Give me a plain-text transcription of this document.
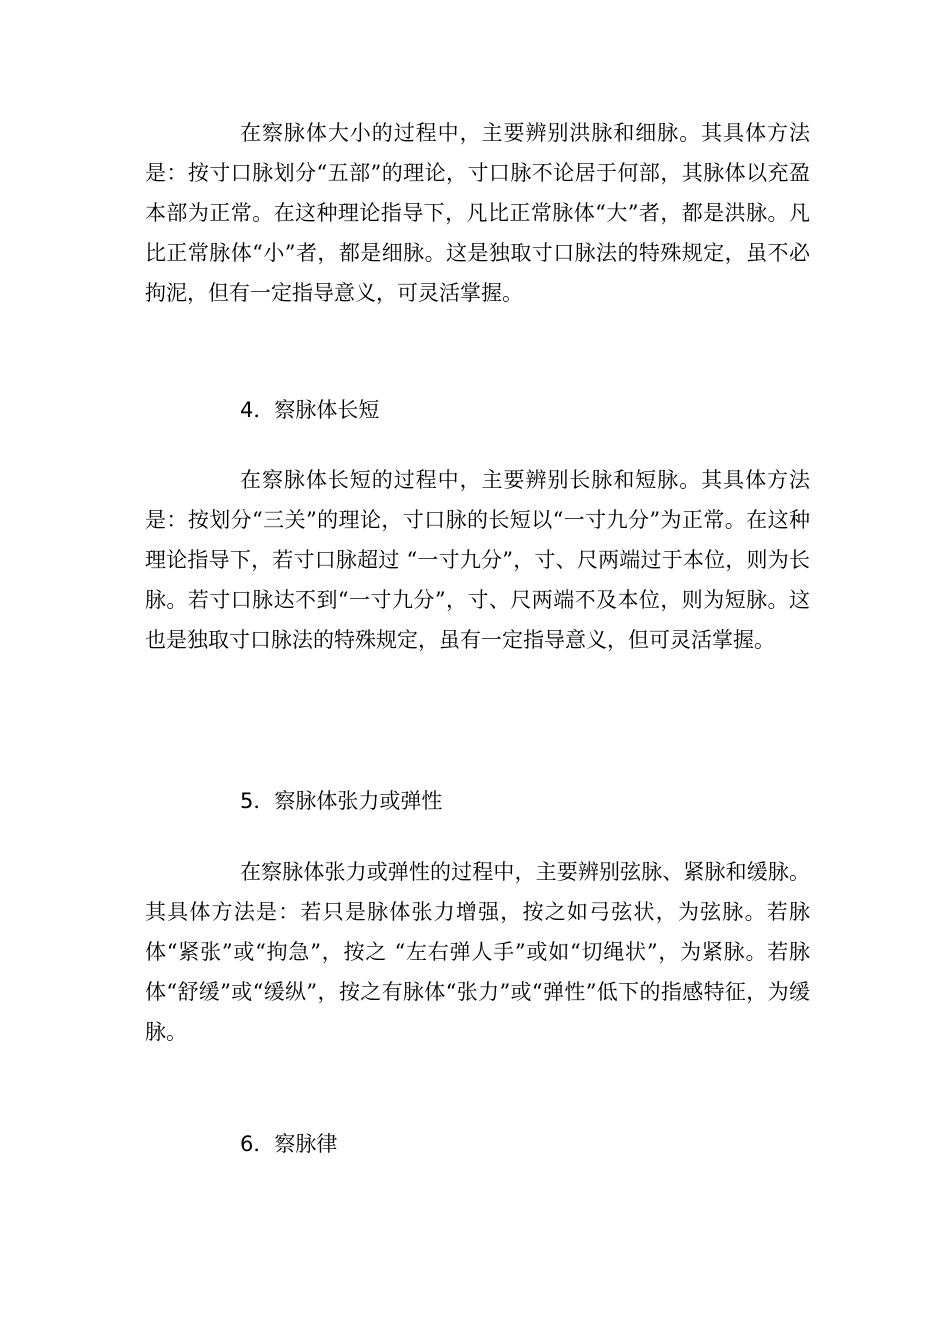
在察脉体大小的过程中，主要辨别洪脉和细脉。其具体方法是：按寸口脉划分“五部”的理论，寸口脉不论居于何部，其脉体以充盈本部为正常。在这种理论指导下，凡比正常脉体“大”者，都是洪脉。凡比正常脉体“小”者，都是细脉。这是独取寸口脉法的特殊规定，虽不必拘泥，但有一定指导意义，可灵活掌握。

4．察脉体长短

在察脉体长短的过程中，主要辨别长脉和短脉。其具体方法是：按划分“三关”的理论，寸口脉的长短以“一寸九分”为正常。在这种理论指导下，若寸口脉超过 “一寸九分”，寸、尺两端过于本位，则为长脉。若寸口脉达不到“一寸九分”，寸、尺两端不及本位，则为短脉。这也是独取寸口脉法的特殊规定，虽有一定指导意义，但可灵活掌握。

5．察脉体张力或弹性

在察脉体张力或弹性的过程中，主要辨别弦脉、紧脉和缓脉。其具体方法是：若只是脉体张力增强，按之如弓弦状，为弦脉。若脉体“紧张”或“拘急”，按之 “左右弹人手”或如“切绳状”，为紧脉。若脉体“舒缓”或“缓纵”，按之有脉体“张力”或“弹性”低下的指感特征，为缓脉。

6．察脉律
